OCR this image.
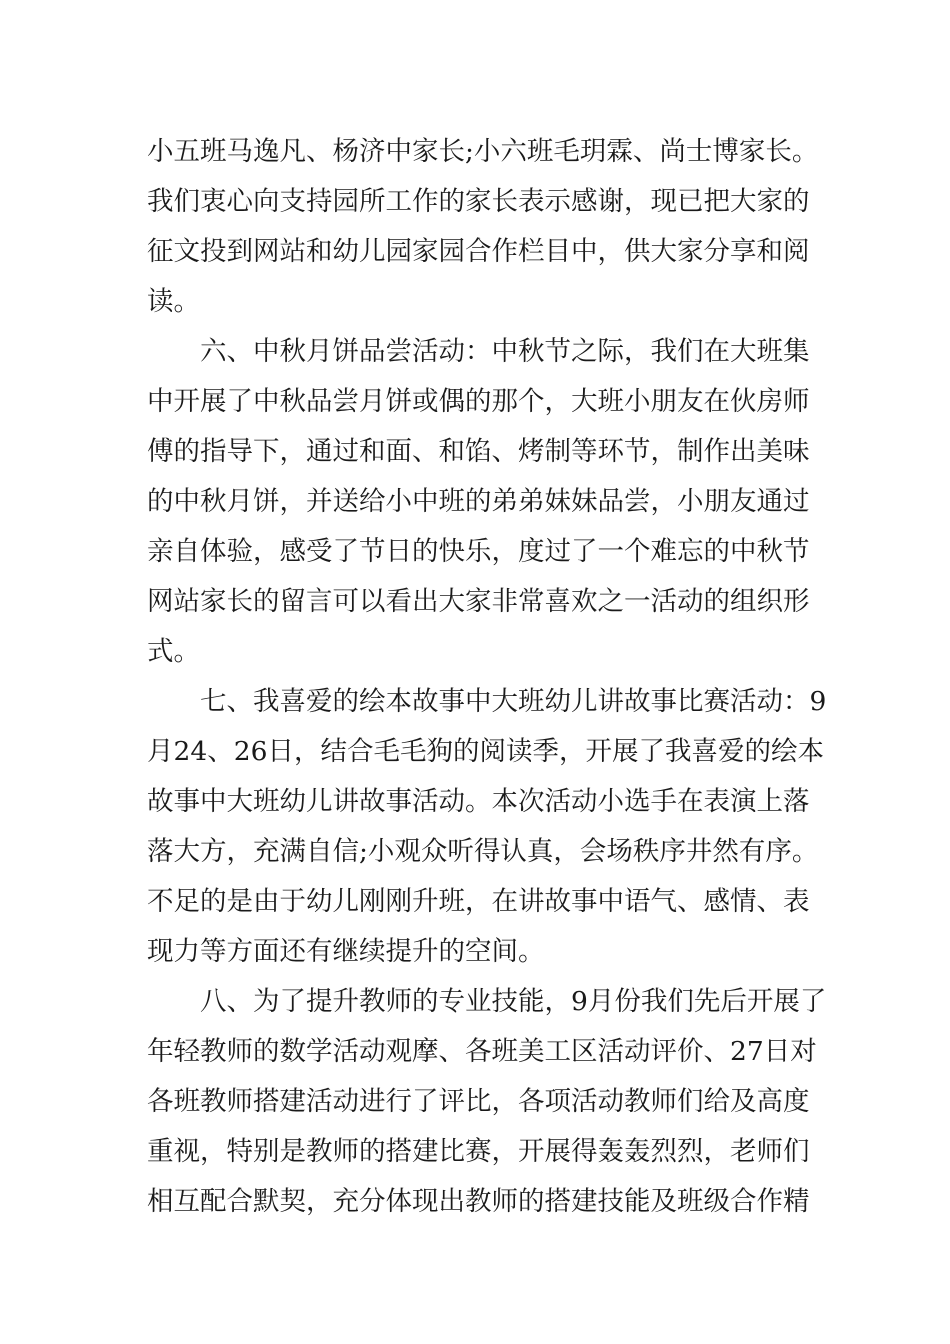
小五班马逸凡、杨济中家长;小六班毛玥霖、尚士博家长。
我们衷心向支持园所工作的家长表示感谢，现已把大家的
征文投到网站和幼儿园家园合作栏目中，供大家分享和阅
读。
六、中秋月饼品尝活动：中秋节之际，我们在大班集
中开展了中秋品尝月饼或偶的那个，大班小朋友在伙房师
傅的指导下，通过和面、和馅、烤制等环节，制作出美味
的中秋月饼，并送给小中班的弟弟妹妹品尝，小朋友通过
亲自体验，感受了节日的快乐，度过了一个难忘的中秋节
网站家长的留言可以看出大家非常喜欢之一活动的组织形
式。
七、我喜爱的绘本故事中大班幼儿讲故事比赛活动：9
月24、26日，结合毛毛狗的阅读季，开展了我喜爱的绘本
故事中大班幼儿讲故事活动。本次活动小选手在表演上落
落大方，充满自信;小观众听得认真，会场秩序井然有序。
不足的是由于幼儿刚刚升班，在讲故事中语气、感情、表
现力等方面还有继续提升的空间。
八、为了提升教师的专业技能，9月份我们先后开展了
年轻教师的数学活动观摩、各班美工区活动评价、27日对
各班教师搭建活动进行了评比，各项活动教师们给及高度
重视，特别是教师的搭建比赛，开展得轰轰烈烈，老师们
相互配合默契，充分体现出教师的搭建技能及班级合作精
